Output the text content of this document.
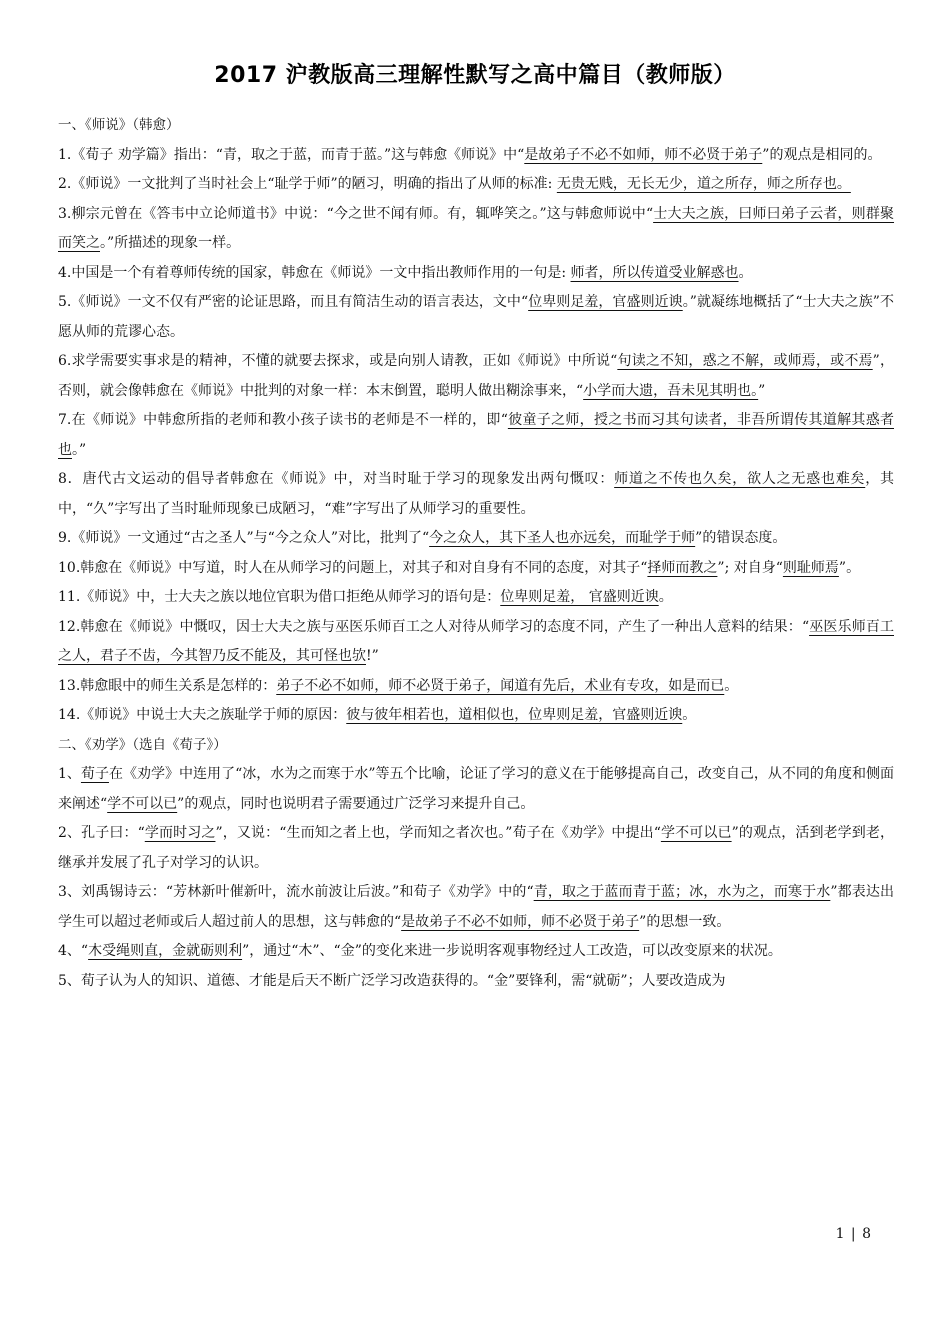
2017 沪教版高三理解性默写之高中篇目（教师版）

一、《师说》（韩愈）

1.《荀子 劝学篇》指出：“青，取之于蓝，而青于蓝。”这与韩愈《师说》中“是故弟子不必不如师，师不必贤于弟子”的观点是相同的。

2.《师说》一文批判了当时社会上“耻学于师”的陋习，明确的指出了从师的标准: 无贵无贱，无长无少，道之所存，师之所存也。

3.柳宗元曾在《答韦中立论师道书》中说：“今之世不闻有师。有，辄哗笑之。”这与韩愈师说中“士大夫之族，曰师曰弟子云者，则群聚而笑之。”所描述的现象一样。

4.中国是一个有着尊师传统的国家，韩愈在《师说》一文中指出教师作用的一句是: 师者，所以传道受业解惑也。

5.《师说》一文不仅有严密的论证思路，而且有简洁生动的语言表达，文中“位卑则足羞，官盛则近谀。”就凝练地概括了“士大夫之族”不愿从师的荒谬心态。

6.求学需要实事求是的精神，不懂的就要去探求，或是向别人请教，正如《师说》中所说“句读之不知，惑之不解，或师焉，或不焉”，否则，就会像韩愈在《师说》中批判的对象一样：本末倒置，聪明人做出糊涂事来，“小学而大遗，吾未见其明也。”

7.在《师说》中韩愈所指的老师和教小孩子读书的老师是不一样的，即“彼童子之师，授之书而习其句读者，非吾所谓传其道解其惑者也。”

8．唐代古文运动的倡导者韩愈在《师说》中，对当时耻于学习的现象发出两句慨叹：师道之不传也久矣，欲人之无惑也难矣，其中，“久”字写出了当时耻师现象已成陋习，“难”字写出了从师学习的重要性。

9.《师说》一文通过“古之圣人”与“今之众人”对比，批判了“今之众人，其下圣人也亦远矣，而耻学于师”的错误态度。

10.韩愈在《师说》中写道，时人在从师学习的问题上，对其子和对自身有不同的态度，对其子“择师而教之”; 对自身“则耻师焉”。

11.《师说》中，士大夫之族以地位官职为借口拒绝从师学习的语句是：位卑则足羞， 官盛则近谀。

12.韩愈在《师说》中慨叹，因士大夫之族与巫医乐师百工之人对待从师学习的态度不同，产生了一种出人意料的结果：“巫医乐师百工之人，君子不齿，今其智乃反不能及，其可怪也欤!”

13.韩愈眼中的师生关系是怎样的：弟子不必不如师，师不必贤于弟子，闻道有先后，术业有专攻，如是而已。

14.《师说》中说士大夫之族耻学于师的原因：彼与彼年相若也，道相似也，位卑则足羞，官盛则近谀。

二、《劝学》（选自《荀子》）

1、荀子在《劝学》中连用了“冰，水为之而寒于水”等五个比喻，论证了学习的意义在于能够提高自己，改变自己，从不同的角度和侧面来阐述“学不可以已”的观点，同时也说明君子需要通过广泛学习来提升自己。

2、孔子曰：“学而时习之”，又说：“生而知之者上也，学而知之者次也。”荀子在《劝学》中提出“学不可以已”的观点，活到老学到老，继承并发展了孔子对学习的认识。

3、刘禹锡诗云：“芳林新叶催新叶，流水前波让后波。”和荀子《劝学》中的“青，取之于蓝而青于蓝；冰，水为之，而寒于水”都表达出学生可以超过老师或后人超过前人的思想，这与韩愈的“是故弟子不必不如师，师不必贤于弟子”的思想一致。

4、“木受绳则直，金就砺则利”，通过“木”、“金”的变化来进一步说明客观事物经过人工改造，可以改变原来的状况。

5、荀子认为人的知识、道德、才能是后天不断广泛学习改造获得的。“金”要锋利，需“就砺”；人要改造成为

1 | 8
